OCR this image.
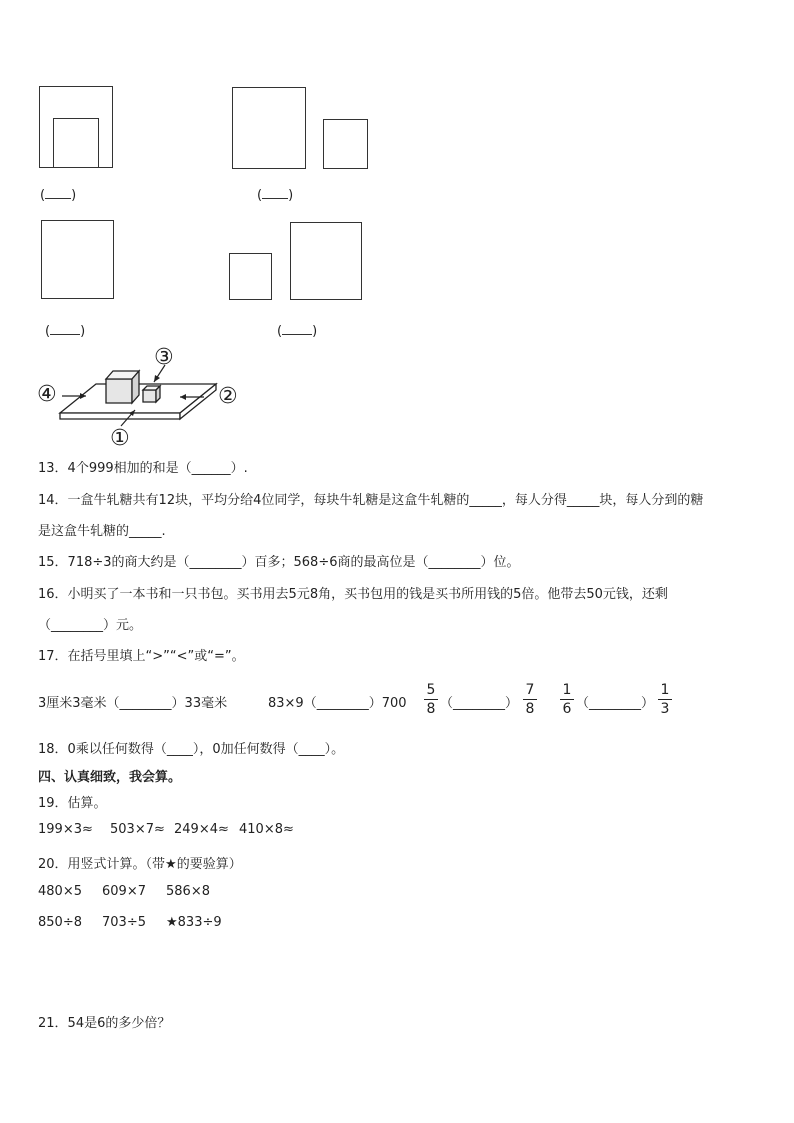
( )	( )
( )	( )
④
③
②
①
13．4个999相加的和是（______）.
14．一盒牛轧糖共有12块，平均分给4位同学，每块牛轧糖是这盒牛轧糖的_____，每人分得_____块，每人分到的糖
是这盒牛轧糖的_____.
15．718÷3的商大约是（________）百多；568÷6商的最高位是（________）位。
16．小明买了一本书和一只书包。买书用去5元8角，买书包用的钱是买书所用钱的5倍。他带去50元钱，还剩
（________）元。
17．在括号里填上“>”“<”或“=”。
3厘米3毫米（________）33毫米	83×9（________）700 $\frac{5}{8}$ （________） $\frac{7}{8} \frac{1}{6}$ （________） $\frac{1}{3}$
18．0乘以任何数得（____），0加任何数得（____）。
四、认真细致，我会算。
19．估算。
199×3≈ 503×7≈ 249×4≈ 410×8≈
20．用竖式计算。（带★的要验算）
480×5 609×7 586×8
850÷8 703÷5 ★833÷9
21．54是6的多少倍？
